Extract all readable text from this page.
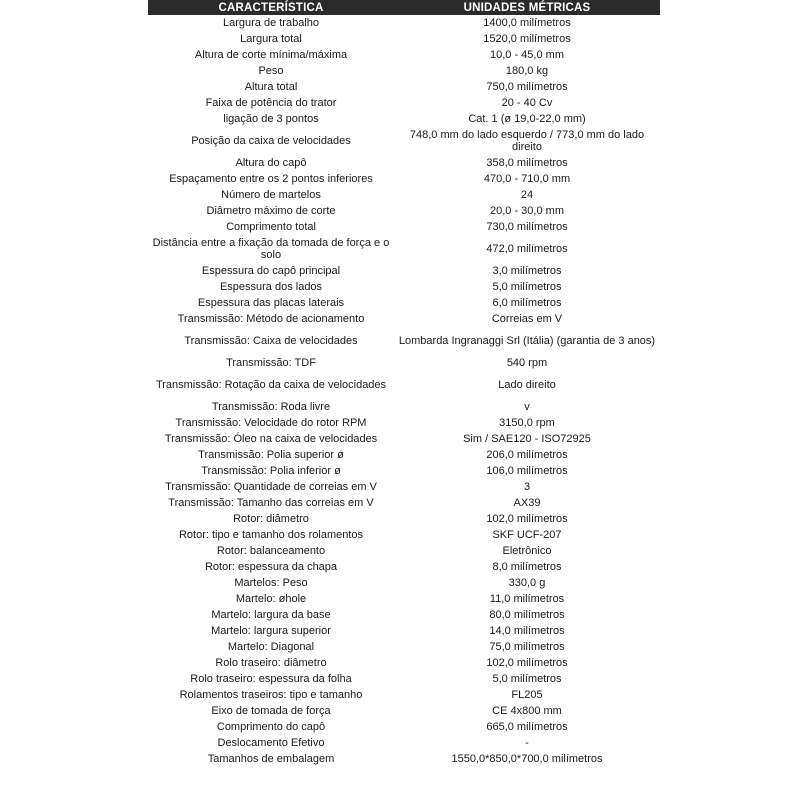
CARACTERÍSTICA	UNIDADES MÉTRICAS
Largura de trabalho	1400,0 milímetros
Largura total	1520,0 milímetros
Altura de corte mínima/máxima	10,0 - 45,0 mm
Peso	180,0 kg
Altura total	750,0 milímetros
Faixa de potência do trator	20 - 40 Cv
ligação de 3 pontos	Cat. 1 (ø 19,0-22,0 mm)
Posição da caixa de velocidades	748,0 mm do lado esquerdo / 773,0 mm do lado direito
Altura do capô	358,0 milímetros
Espaçamento entre os 2 pontos inferiores	470,0 - 710,0 mm
Número de martelos	24
Diâmetro máximo de corte	20,0 - 30,0 mm
Comprimento total	730,0 milímetros
Distância entre a fixação da tomada de força e o solo	472,0 milímetros
Espessura do capô principal	3,0 milímetros
Espessura dos lados	5,0 milímetros
Espessura das placas laterais	6,0 milímetros
Transmissão: Método de acionamento	Correias em V
Transmissão: Caixa de velocidades	Lombarda Ingranaggi Srl (Itália) (garantia de 3 anos)
Transmissão: TDF	540 rpm
Transmissão: Rotação da caixa de velocidades	Lado direito
Transmissão: Roda livre	v
Transmissão: Velocidade do rotor RPM	3150,0 rpm
Transmissão: Óleo na caixa de velocidades	Sim / SAE120 - ISO72925
Transmissão: Polia superior ø	206,0 milímetros
Transmissão: Polia inferior ø	106,0 milímetros
Transmissão: Quantidade de correias em V	3
Transmissão: Tamanho das correias em V	AX39
Rotor: diâmetro	102,0 milímetros
Rotor: tipo e tamanho dos rolamentos	SKF UCF-207
Rotor: balanceamento	Eletrônico
Rotor: espessura da chapa	8,0 milímetros
Martelos: Peso	330,0 g
Martelo: øhole	11,0 milímetros
Martelo: largura da base	80,0 milímetros
Martelo: largura superior	14,0 milímetros
Martelo: Diagonal	75,0 milímetros
Rolo traseiro: diâmetro	102,0 milímetros
Rolo traseiro: espessura da folha	5,0 milímetros
Rolamentos traseiros: tipo e tamanho	FL205
Eixo de tomada de força	CE 4x800 mm
Comprimento do capô	665,0 milímetros
Deslocamento Efetivo	-
Tamanhos de embalagem	1550,0*850,0*700,0 milímetros
